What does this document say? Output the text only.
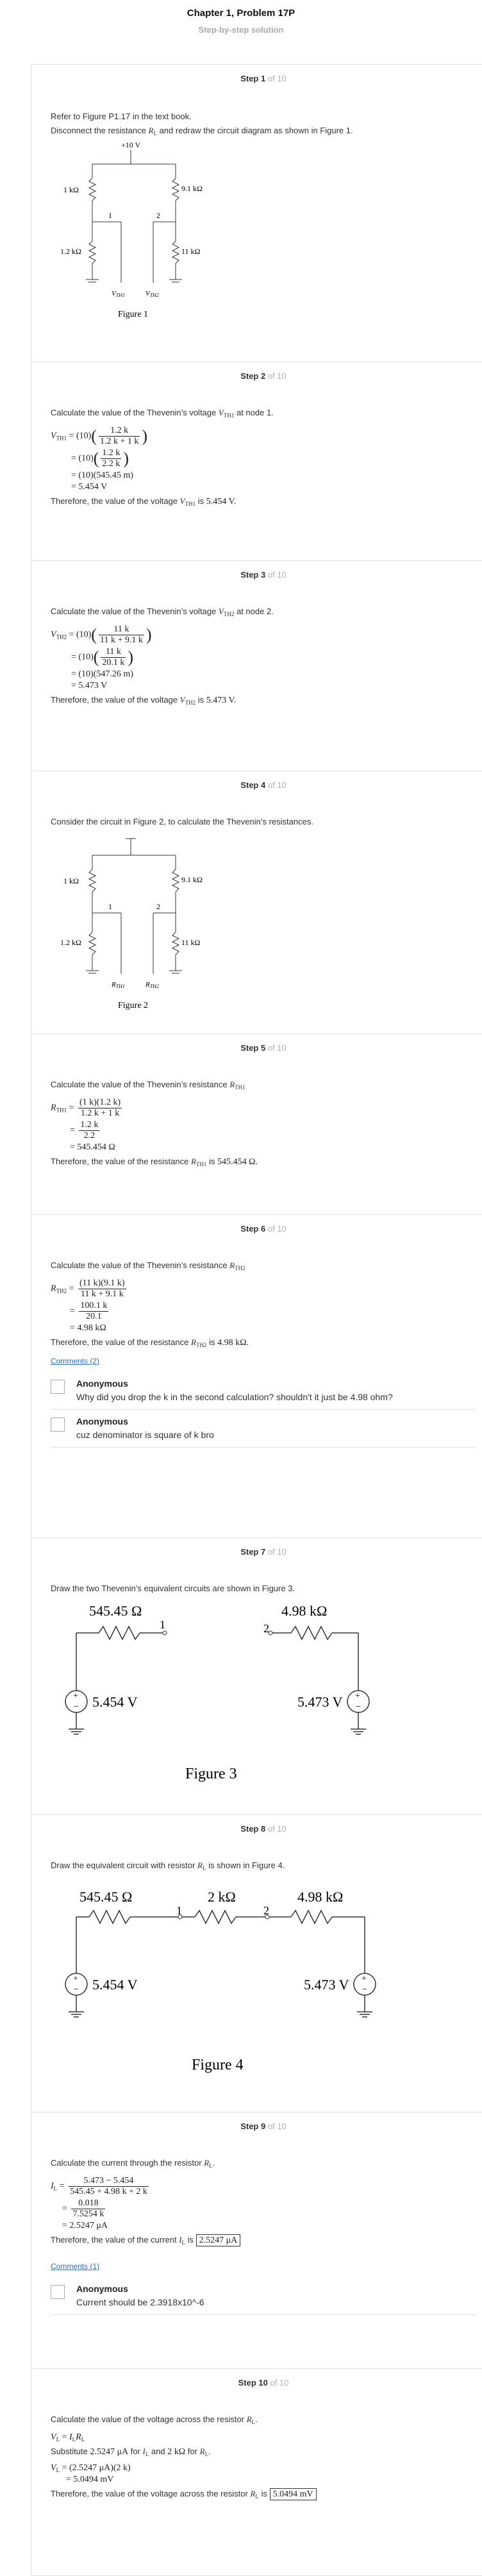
Chapter 1, Problem 17P
Step-by-step solution
Step 1 of 10
Refer to Figure P1.17 in the text book.
Disconnect the resistance $R_L$ and redraw the circuit diagram as shown in Figure 1.
+10 V
1 kΩ	9.1 kΩ
1	2
1.2 kΩ	11 kΩ
VTH1	VTH2
Figure 1
Step 2 of 10
Calculate the value of the Thevenin’s voltage $V_{TH1}$ at node 1.
$V_{TH1} = (10)( \frac{1.2 k}{1.2 k + 1 k}$ )
= $(10)( \frac{1.2 k}{2.2 k}$ )
= (10)(545.45 m)
= 5.454 V
Therefore, the value of the voltage $V_{TH1}$ is 5.454 V.
Step 3 of 10
Calculate the value of the Thevenin’s voltage $V_{TH2}$ at node 2.
$V_{TH2} = (10)( \frac{11 k}{11 k + 9.1 k}$ )
= $(10)( \frac{11 k}{20.1 k}$ )
= (10)(547.26 m)
= 5.473 V
Therefore, the value of the voltage $V_{TH2}$ is 5.473 V.
Step 4 of 10
Consider the circuit in Figure 2, to calculate the Thevenin’s resistances.
1 kΩ	9.1 kΩ
1	2
1.2 kΩ	11 kΩ
RTH1	RTH2
Figure 2
Step 5 of 10
Calculate the value of the Thevenin’s resistance $R_{TH1}$
$R_{TH1} = \frac{(1 k)(1.2 k)}{1.2 k + 1 k}$
= $\frac{1.2 k}{2.2}$
= 545.454 Ω
Therefore, the value of the resistance $R_{TH1}$ is 545.454 Ω.
Step 6 of 10
Calculate the value of the Thevenin’s resistance $R_{TH2}$
$R_{TH2} = \frac{(11 k)(9.1 k)}{11 k + 9.1 k}$
= $\frac{100.1 k}{20.1}$
= 4.98 kΩ
Therefore, the value of the resistance $R_{TH2}$ is 4.98 kΩ.
Comments (2)
Anonymous
Why did you drop the k in the second calculation? shouldn't it just be 4.98 ohm?
Anonymous
cuz denominator is square of k bro
Step 7 of 10
Draw the two Thevenin’s equivalent circuits are shown in Figure 3.
545.45 Ω
1
+
− 5.454 V
4.98 kΩ
2
+
−
5.473 V
Figure 3
Step 8 of 10
Draw the equivalent circuit with resistor $R_L$ is shown in Figure 4.
545.45 Ω
1
2 kΩ
2
4.98 kΩ
+
− 5.454 V	+
−
5.473 V
Figure 4
Step 9 of 10
Calculate the current through the resistor $R_L$.
$I_L = \frac{5.473 - 5.454}{545.45 + 4.98 k + 2 k}$
= $\frac{0.018}{7.5254 k}$
= 2.5247 μA
Therefore, the value of the current $I_L$ is 2.5247 μA
Comments (1)
Anonymous
Current should be 2.3918x10^-6
Step 10 of 10
Calculate the value of the voltage across the resistor $R_L$.
$V_L = I_LR_L$
Substitute 2.5247 μA for $I_L$ and 2 kΩ for $R_L$.
$V_L = (2.5247$ μA)(2 k)
= 5.0494 mV
Therefore, the value of the voltage across the resistor $R_L$ is 5.0494 mV
